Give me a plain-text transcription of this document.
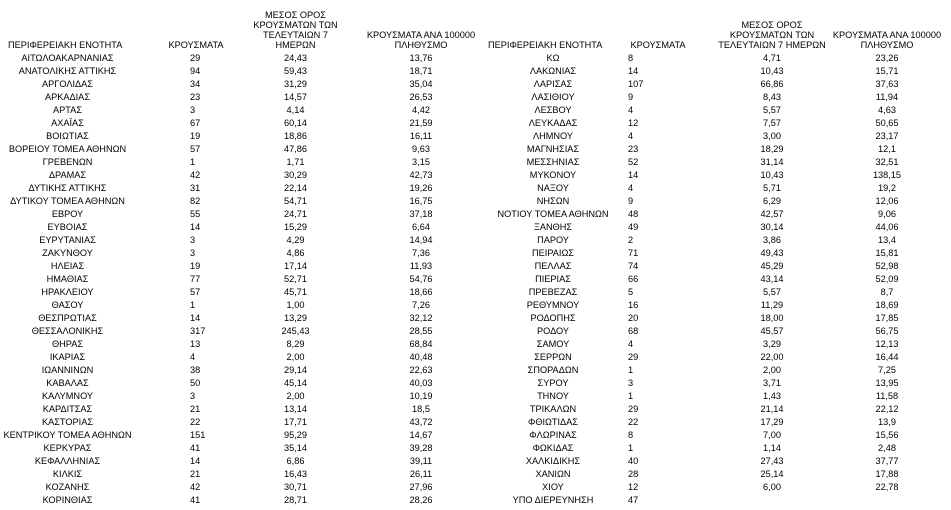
ΠΕΡΙΦΕΡΕΙΑΚΗ ΕΝΟΤΗΤΑ	ΚΡΟΥΣΜΑΤΑ
ΜΕΣΟΣ ΟΡΟΣ ΚΡΟΥΣΜΑΤΩΝ ΤΩΝ ΤΕΛΕΥΤΑΙΩΝ 7 ΗΜΕΡΩΝ
ΚΡΟΥΣΜΑΤΑ ΑΝΑ 100000 ΠΛΗΘΥΣΜΟ	ΠΕΡΙΦΕΡΕΙΑΚΗ ΕΝΟΤΗΤΑ	ΚΡΟΥΣΜΑΤΑ
ΜΕΣΟΣ ΟΡΟΣ ΚΡΟΥΣΜΑΤΩΝ ΤΩΝ ΤΕΛΕΥΤΑΙΩΝ 7 ΗΜΕΡΩΝ
ΚΡΟΥΣΜΑΤΑ ΑΝΑ 100000 ΠΛΗΘΥΣΜΟ
ΑΙΤΩΛΟΑΚΑΡΝΑΝΙΑΣ	29	24,43	13,76
ΑΝΑΤΟΛΙΚΗΣ ΑΤΤΙΚΗΣ	94	59,43	18,71
ΑΡΓΟΛΙΔΑΣ	34	31,29	35,04
ΑΡΚΑΔΙΑΣ	23	14,57	26,53
ΑΡΤΑΣ	3	4,14	4,42
ΑΧΑΪΑΣ	67	60,14	21,59
ΒΟΙΩΤΙΑΣ	19	18,86	16,11
ΒΟΡΕΙΟΥ ΤΟΜΕΑ ΑΘΗΝΩΝ	57	47,86	9,63
ΓΡΕΒΕΝΩΝ	1	1,71	3,15
ΔΡΑΜΑΣ	42	30,29	42,73
ΔΥΤΙΚΗΣ ΑΤΤΙΚΗΣ	31	22,14	19,26
ΔΥΤΙΚΟΥ ΤΟΜΕΑ ΑΘΗΝΩΝ	82	54,71	16,75
ΕΒΡΟΥ	55	24,71	37,18
ΕΥΒΟΙΑΣ	14	15,29	6,64
ΕΥΡΥΤΑΝΙΑΣ	3	4,29	14,94
ΖΑΚΥΝΘΟΥ	3	4,86	7,36
ΗΛΕΙΑΣ	19	17,14	11,93
ΗΜΑΘΙΑΣ	77	52,71	54,76
ΗΡΑΚΛΕΙΟΥ	57	45,71	18,66
ΘΑΣΟΥ	1	1,00	7,26
ΘΕΣΠΡΩΤΙΑΣ	14	13,29	32,12
ΘΕΣΣΑΛΟΝΙΚΗΣ	317	245,43	28,55
ΘΗΡΑΣ	13	8,29	68,84
ΙΚΑΡΙΑΣ	4	2,00	40,48
ΙΩΑΝΝΙΝΩΝ	38	29,14	22,63
ΚΑΒΑΛΑΣ	50	45,14	40,03
ΚΑΛΥΜΝΟΥ	3	2,00	10,19
ΚΑΡΔΙΤΣΑΣ	21	13,14	18,5
ΚΑΣΤΟΡΙΑΣ	22	17,71	43,72
ΚΕΝΤΡΙΚΟΥ ΤΟΜΕΑ ΑΘΗΝΩΝ	151	95,29	14,67
ΚΕΡΚΥΡΑΣ	41	35,14	39,28
ΚΕΦΑΛΛΗΝΙΑΣ	14	6,86	39,11
ΚΙΛΚΙΣ	21	16,43	26,11
ΚΟΖΑΝΗΣ	42	30,71	27,96
ΚΟΡΙΝΘΙΑΣ	41	28,71	28,26
ΚΩ	8	4,71	23,26
ΛΑΚΩΝΙΑΣ	14	10,43	15,71
ΛΑΡΙΣΑΣ	107	66,86	37,63
ΛΑΣΙΘΙΟΥ	9	8,43	11,94
ΛΕΣΒΟΥ	4	5,57	4,63
ΛΕΥΚΑΔΑΣ	12	7,57	50,65
ΛΗΜΝΟΥ	4	3,00	23,17
ΜΑΓΝΗΣΙΑΣ	23	18,29	12,1
ΜΕΣΣΗΝΙΑΣ	52	31,14	32,51
ΜΥΚΟΝΟΥ	14	10,43	138,15
ΝΑΞΟΥ	4	5,71	19,2
ΝΗΣΩΝ	9	6,29	12,06
ΝΟΤΙΟΥ ΤΟΜΕΑ ΑΘΗΝΩΝ	48	42,57	9,06
ΞΑΝΘΗΣ	49	30,14	44,06
ΠΑΡΟΥ	2	3,86	13,4
ΠΕΙΡΑΙΩΣ	71	49,43	15,81
ΠΕΛΛΑΣ	74	45,29	52,98
ΠΙΕΡΙΑΣ	66	43,14	52,09
ΠΡΕΒΕΖΑΣ	5	5,57	8,7
ΡΕΘΥΜΝΟΥ	16	11,29	18,69
ΡΟΔΟΠΗΣ	20	18,00	17,85
ΡΟΔΟΥ	68	45,57	56,75
ΣΑΜΟΥ	4	3,29	12,13
ΣΕΡΡΩΝ	29	22,00	16,44
ΣΠΟΡΑΔΩΝ	1	2,00	7,25
ΣΥΡΟΥ	3	3,71	13,95
ΤΗΝΟΥ	1	1,43	11,58
ΤΡΙΚΑΛΩΝ	29	21,14	22,12
ΦΘΙΩΤΙΔΑΣ	22	17,29	13,9
ΦΛΩΡΙΝΑΣ	8	7,00	15,56
ΦΩΚΙΔΑΣ	1	1,14	2,48
ΧΑΛΚΙΔΙΚΗΣ	40	27,43	37,77
ΧΑΝΙΩΝ	28	25,14	17,88
ΧΙΟΥ	12	6,00	22,78
ΥΠΟ ΔΙΕΡΕΥΝΗΣΗ	47
